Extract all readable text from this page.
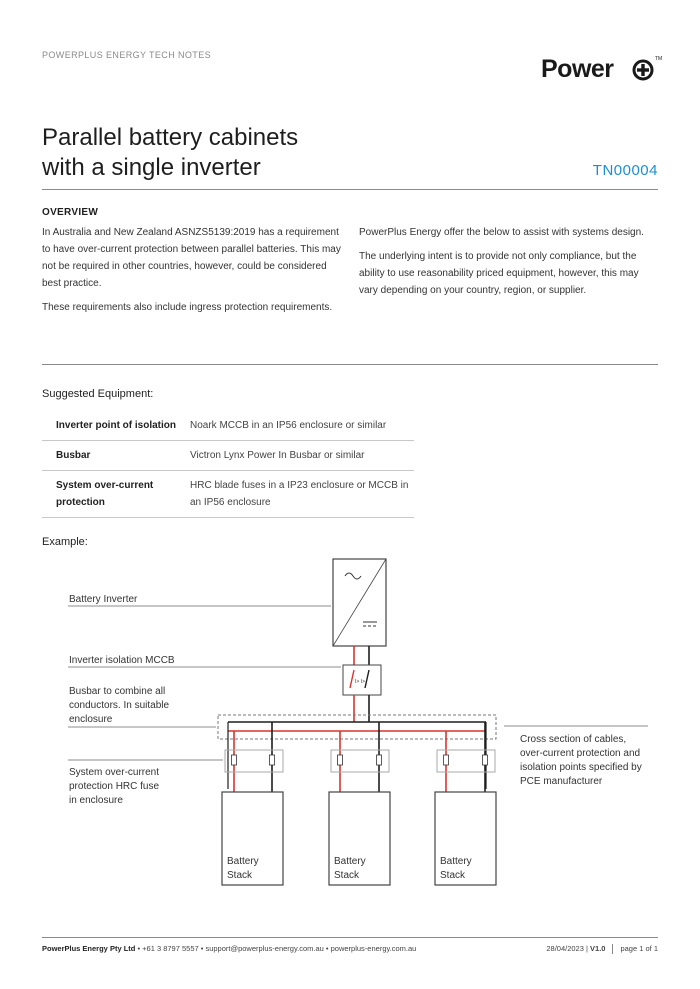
POWERPLUS ENERGY TECH NOTES	Power	TM
Parallel battery cabinets
with a single inverter	TN00004
OVERVIEW

In Australia and New Zealand ASNZS5139:2019 has a requirement to have over-current protection between parallel batteries. This may not be required in other countries, however, could be considered best practice.

These requirements also include ingress protection requirements.

PowerPlus Energy offer the below to assist with systems design.

The underlying intent is to provide not only compliance, but the ability to use reasonability priced equipment, however, this may vary depending on your country, region, or supplier.

Suggested Equipment:
Inverter point of isolation	Noark MCCB in an IP56 enclosure or similar
Busbar	Victron Lynx Power In Busbar or similar
System over-current protection	HRC blade fuses in a IP23 enclosure or MCCB in an IP56 enclosure
Example:
I> I>
Battery
Stack
Battery
Stack
Battery
Stack
Battery Inverter
Inverter isolation MCCB
Busbar to combine all
conductors. In suitable
enclosure
System over-current
protection HRC fuse
in enclosure
Cross section of cables,
over-current protection and
isolation points specified by
PCE manufacturer
PowerPlus Energy Pty Ltd • +61 3 8797 5557 • support@powerplus-energy.com.au • powerplus-energy.com.au	28/04/2023 | V1.0 page 1 of 1
